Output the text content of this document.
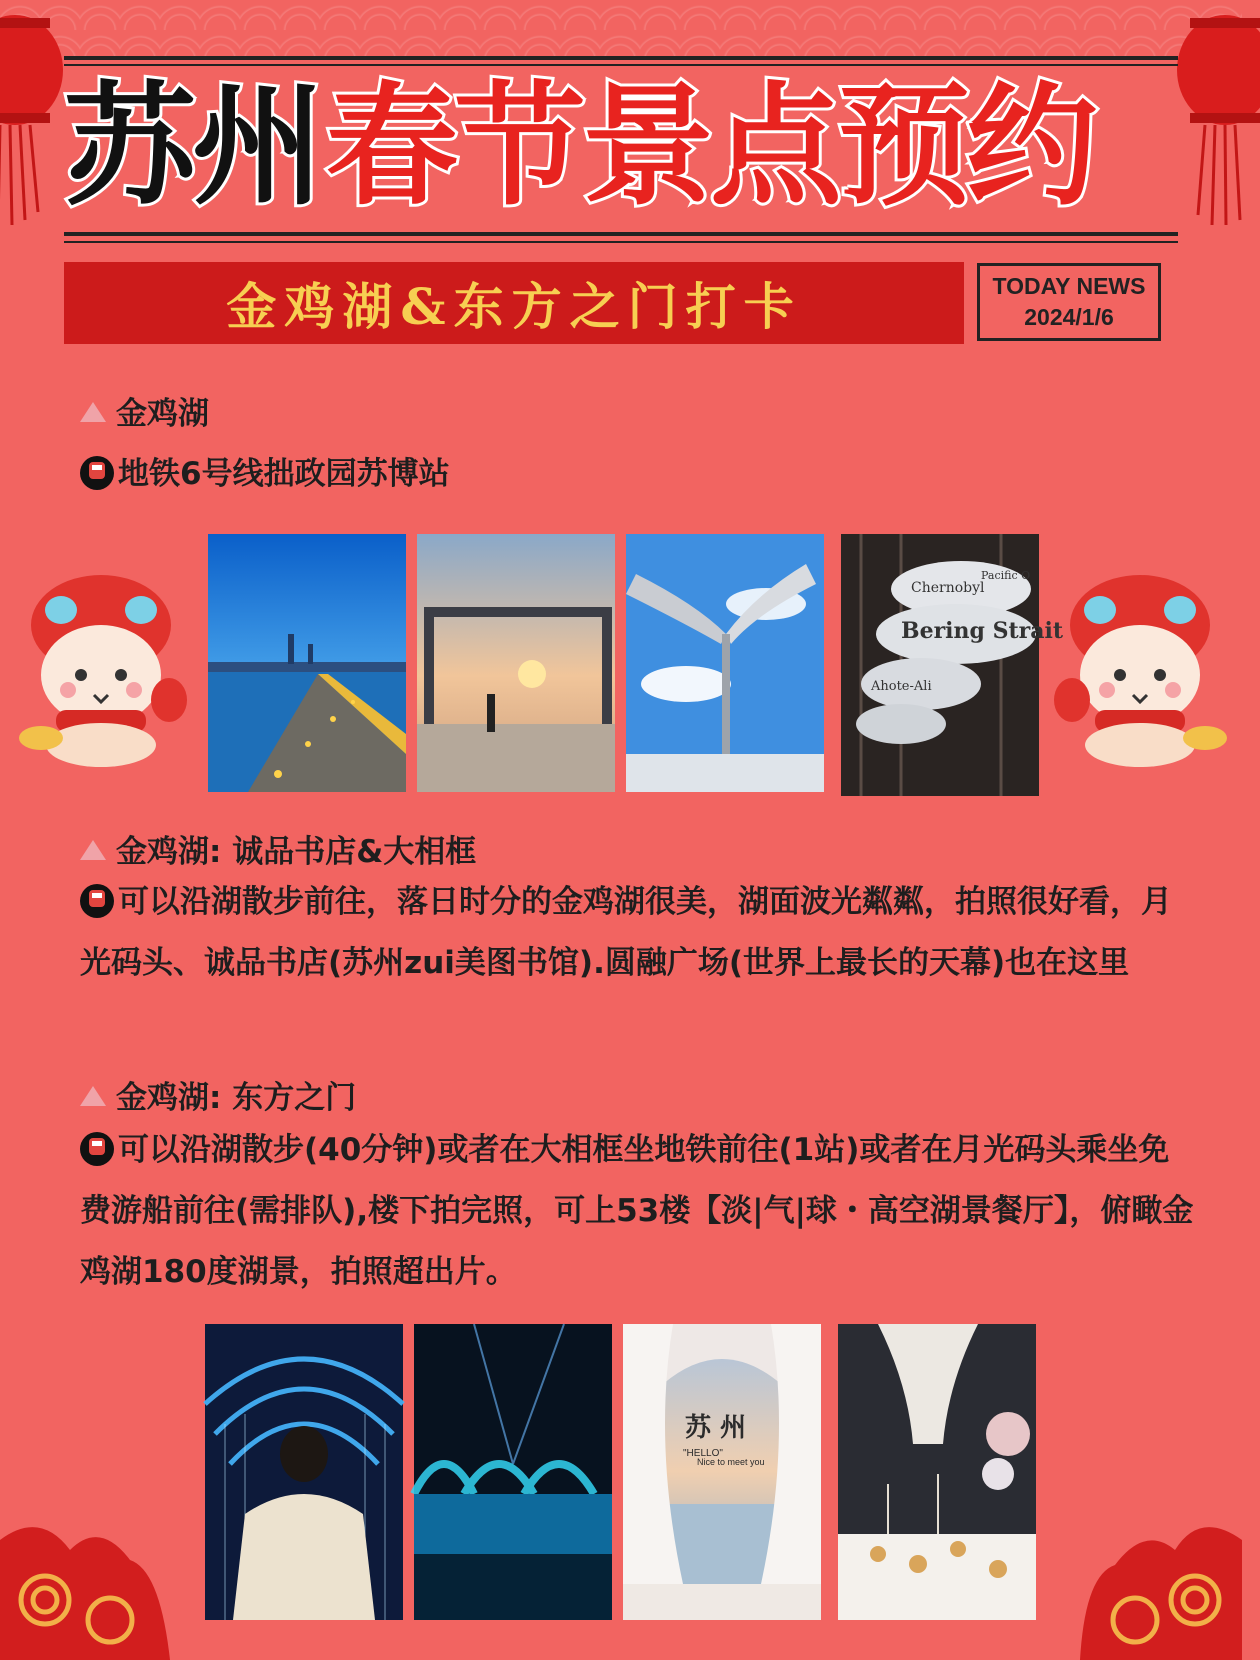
苏州 春节景点预约
金鸡湖&东方之门打卡	TODAY NEWS
2024/1/6
金鸡湖
地铁6号线拙政园苏博站
Chernobyl
Pacific O
Bering Strait
Ahote-Ali
金鸡湖: 诚品书店&大相框
可以沿湖散步前往，落日时分的金鸡湖很美，湖面波光粼粼，拍照很好看，月光码头、诚品书店(苏州zui美图书馆).圆融广场(世界上最长的天幕)也在这里
金鸡湖: 东方之门
可以沿湖散步(40分钟)或者在大相框坐地铁前往(1站)或者在月光码头乘坐免费游船前往(需排队),楼下拍完照，可上53楼【淡|气|球・高空湖景餐厅】，俯瞰金鸡湖180度湖景，拍照超出片。
苏 州
"HELLO"
Nice to meet you
